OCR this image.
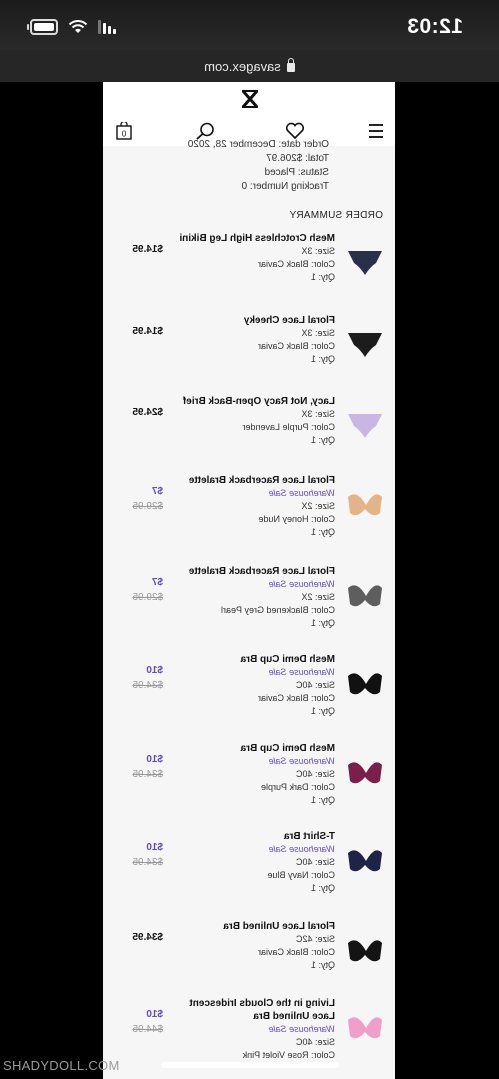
12:03
savagex.com
0
Order date: December 28, 2020
Total: $206.97
Status: Placed
Tracking Number: 0
ORDER SUMMARY
Mesh Crotchless High Leg Bikini
Size: 3X
Color: Black Caviar
Qty: 1
$14.95
Floral Lace Cheeky
Size: 3X
Color: Black Caviar
Qty: 1
$14.95
Lacy, Not Racy Open-Back Brief
Size: 3X
Color: Purple Lavender
Qty: 1
$24.95
Floral Lace Racerback Bralette
Warehouse Sale
Size: 2X
Color: Honey Nude
Qty: 1
$7
$29.95
Floral Lace Racerback Bralette
Warehouse Sale
Size: 2X
Color: Blackened Grey Pearl
Qty: 1
$7
$29.95
Mesh Demi Cup Bra
Warehouse Sale
Size: 40C
Color: Black Caviar
Qty: 1
$10
$34.95
Mesh Demi Cup Bra
Warehouse Sale
Size: 40C
Color: Dark Purple
Qty: 1
$10
$34.95
T-Shirt Bra
Warehouse Sale
Size: 40C
Color: Navy Blue
Qty: 1
$10
$34.95
Floral Lace Unlined Bra
Size: 42C
Color: Black Caviar
Qty: 1
$34.95
Living in the Clouds Iridescent Lace Unlined Bra
Warehouse Sale
Size: 40C
Color: Rose Violet Pink
$10
$44.95
SHADYDOLL.COM
